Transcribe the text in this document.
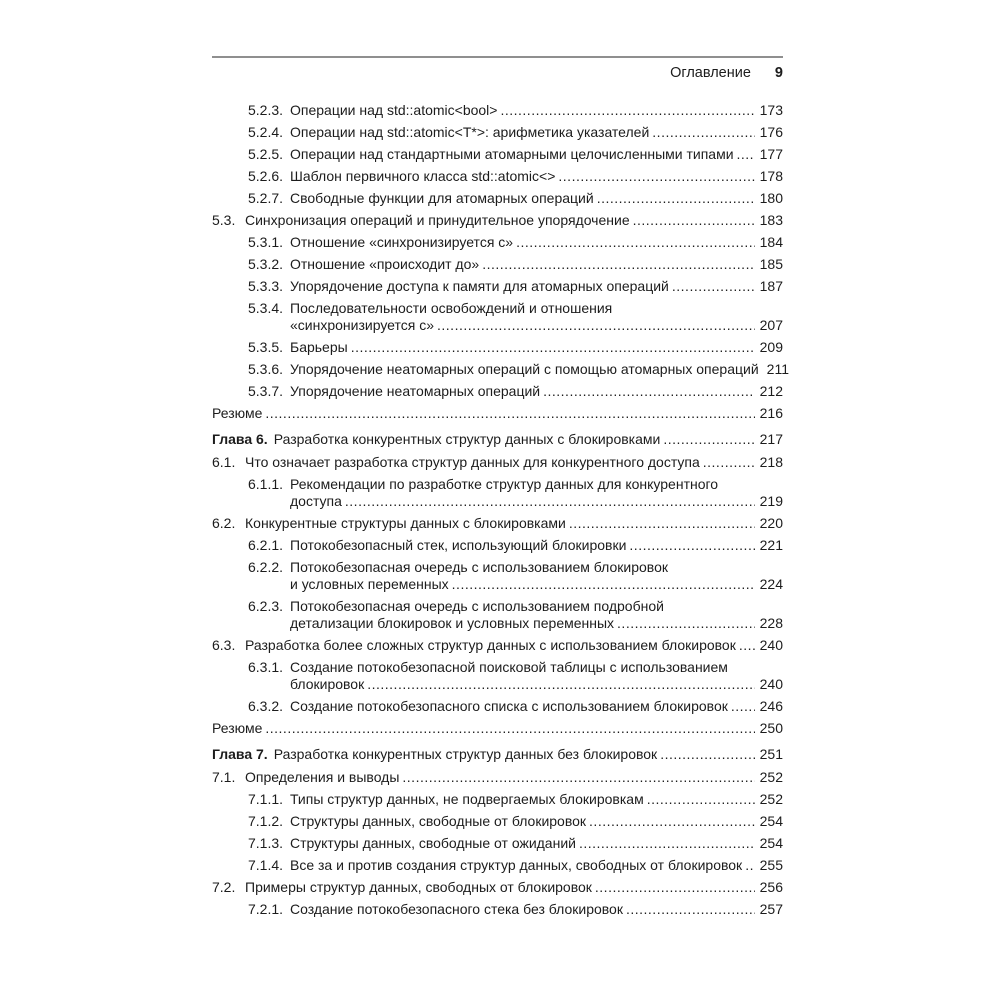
Оглавление 9
5.2.3. Операции над std::atomic<bool> .....	173
5.2.4. Операции над std::atomic<T*>: арифметика указателей .....	176
5.2.5. Операции над стандартными атомарными целочисленными типами ..... 177
5.2.6. Шаблон первичного класса std::atomic<> .....	178
5.2.7. Свободные функции для атомарных операций .....	180
5.3. Синхронизация операций и принудительное упорядочение .....	183
5.3.1. Отношение «синхронизируется с» .....	184
5.3.2. Отношение «происходит до» .....	185
5.3.3. Упорядочение доступа к памяти для атомарных операций .....	187
5.3.4. Последовательности освобождений и отношения
«синхронизируется с» .....	207
5.3.5. Барьеры .....	209
5.3.6. Упорядочение неатомарных операций с помощью атомарных операций 211
5.3.7. Упорядочение неатомарных операций .....	212
Резюме .....	216
Глава 6. Разработка конкурентных структур данных с блокировками .....	217
6.1. Что означает разработка структур данных для конкурентного доступа .....	218
6.1.1. Рекомендации по разработке структур данных для конкурентного
доступа .....	219
6.2. Конкурентные структуры данных с блокировками .....	220
6.2.1. Потокобезопасный стек, использующий блокировки .....	221
6.2.2. Потокобезопасная очередь с использованием блокировок
и условных переменных .....	224
6.2.3. Потокобезопасная очередь с использованием подробной
детализации блокировок и условных переменных .....	228
6.3. Разработка более сложных структур данных с использованием блокировок ..... 240
6.3.1. Создание потокобезопасной поисковой таблицы с использованием
блокировок .....	240
6.3.2. Создание потокобезопасного списка с использованием блокировок ..... 246
Резюме .....	250
Глава 7. Разработка конкурентных структур данных без блокировок .....	251
7.1. Определения и выводы .....	252
7.1.1. Типы структур данных, не подвергаемых блокировкам .....	252
7.1.2. Структуры данных, свободные от блокировок .....	254
7.1.3. Структуры данных, свободные от ожиданий .....	254
7.1.4. Все за и против создания структур данных, свободных от блокировок ..... 255
7.2. Примеры структур данных, свободных от блокировок .....	256
7.2.1. Создание потокобезопасного стека без блокировок .....	257
